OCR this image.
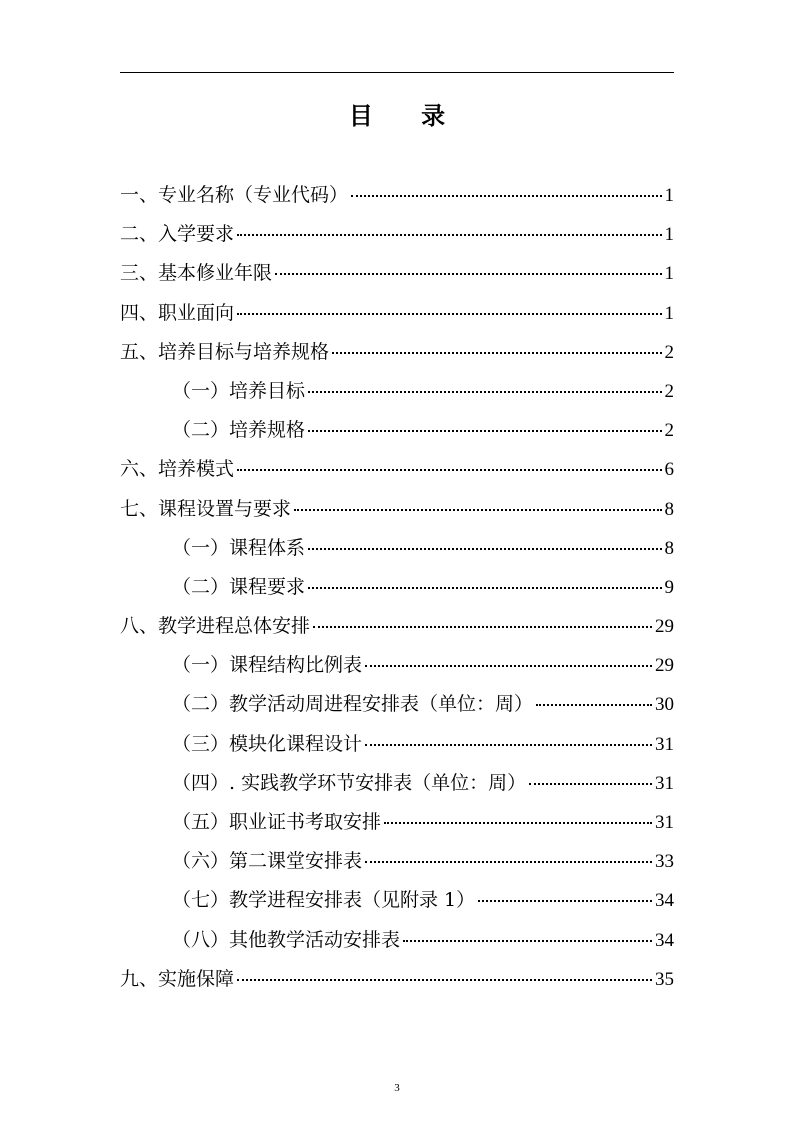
目 录
一、专业名称（专业代码）	1
二、入学要求	1
三、基本修业年限	1
四、职业面向	1
五、培养目标与培养规格	2
（一）培养目标	2
（二）培养规格	2
六、培养模式	6
七、课程设置与要求	8
（一）课程体系	8
（二）课程要求	9
八、教学进程总体安排	29
（一）课程结构比例表	29
（二）教学活动周进程安排表（单位：周）	30
（三）模块化课程设计	31
（四）. 实践教学环节安排表（单位：周）	31
（五）职业证书考取安排	31
（六）第二课堂安排表	33
（七）教学进程安排表（见附录 1）	34
（八）其他教学活动安排表	34
九、实施保障	35
3
